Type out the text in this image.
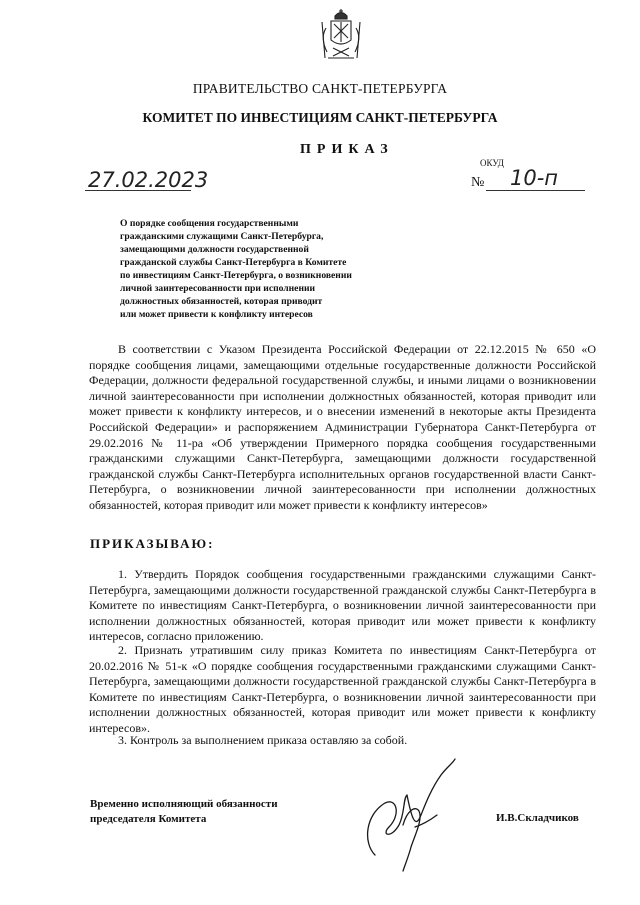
ПРАВИТЕЛЬСТВО САНКТ-ПЕТЕРБУРГА
КОМИТЕТ ПО ИНВЕСТИЦИЯМ САНКТ-ПЕТЕРБУРГА
ПРИКАЗ
27.02.2023
ОКУД
№ 10-п
О порядке сообщения государственными
гражданскими служащими Санкт-Петербурга,
замещающими должности государственной
гражданской службы Санкт-Петербурга в Комитете
по инвестициям Санкт-Петербурга, о возникновении
личной заинтересованности при исполнении
должностных обязанностей, которая приводит
или может привести к конфликту интересов

В соответствии с Указом Президента Российской Федерации от 22.12.2015 № 650 «О порядке сообщения лицами, замещающими отдельные государственные должности Российской Федерации, должности федеральной государственной службы, и иными лицами о возникновении личной заинтересованности при исполнении должностных обязанностей, которая приводит или может привести к конфликту интересов, и о внесении изменений в некоторые акты Президента Российской Федерации» и распоряжением Администрации Губернатора Санкт-Петербурга от 29.02.2016 № 11-ра «Об утверждении Примерного порядка сообщения государственными гражданскими служащими Санкт-Петербурга, замещающими должности государственной гражданской службы Санкт-Петербурга исполнительных органов государственной власти Санкт-Петербурга, о возникновении личной заинтересованности при исполнении должностных обязанностей, которая приводит или может привести к конфликту интересов»

ПРИКАЗЫВАЮ:

1. Утвердить Порядок сообщения государственными гражданскими служащими Санкт-Петербурга, замещающими должности государственной гражданской службы Санкт-Петербурга в Комитете по инвестициям Санкт-Петербурга, о возникновении личной заинтересованности при исполнении должностных обязанностей, которая приводит или может привести к конфликту интересов, согласно приложению.

2. Признать утратившим силу приказ Комитета по инвестициям Санкт-Петербурга от 20.02.2016 № 51-к «О порядке сообщения государственными гражданскими служащими Санкт-Петербурга, замещающими должности государственной гражданской службы Санкт-Петербурга в Комитете по инвестициям Санкт-Петербурга, о возникновении личной заинтересованности при исполнении должностных обязанностей, которая приводит или может привести к конфликту интересов».

3. Контроль за выполнением приказа оставляю за собой.

Временно исполняющий обязанности
председателя Комитета	И.В.Складчиков
